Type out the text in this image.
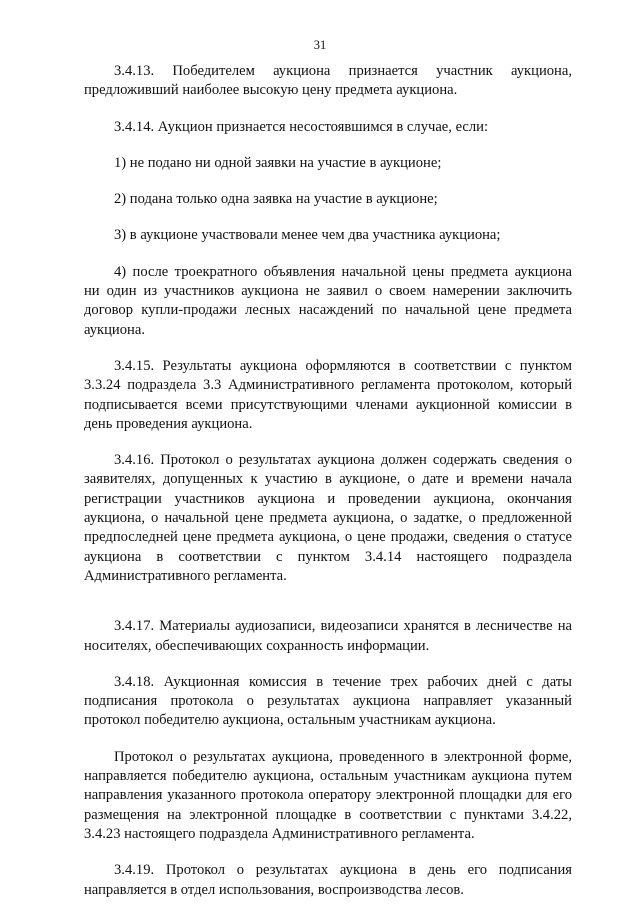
31

3.4.13. Победителем аукциона признается участник аукциона, предложивший наиболее высокую цену предмета аукциона.

3.4.14. Аукцион признается несостоявшимся в случае, если:

1) не подано ни одной заявки на участие в аукционе;

2) подана только одна заявка на участие в аукционе;

3) в аукционе участвовали менее чем два участника аукциона;

4) после троекратного объявления начальной цены предмета аукциона ни один из участников аукциона не заявил о своем намерении заключить договор купли-продажи лесных насаждений по начальной цене предмета аукциона.

3.4.15. Результаты аукциона оформляются в соответствии с пунктом 3.3.24 подраздела 3.3 Административного регламента протоколом, который подписывается всеми присутствующими членами аукционной комиссии в день проведения аукциона.

3.4.16. Протокол о результатах аукциона должен содержать сведения о заявителях, допущенных к участию в аукционе, о дате и времени начала регистрации участников аукциона и проведении аукциона, окончания аукциона, о начальной цене предмета аукциона, о задатке, о предложенной предпоследней цене предмета аукциона, о цене продажи, сведения о статусе аукциона в соответствии с пунктом 3.4.14 настоящего подраздела Административного регламента.

3.4.17. Материалы аудиозаписи, видеозаписи хранятся в лесничестве на носителях, обеспечивающих сохранность информации.

3.4.18. Аукционная комиссия в течение трех рабочих дней с даты подписания протокола о результатах аукциона направляет указанный протокол победителю аукциона, остальным участникам аукциона.

Протокол о результатах аукциона, проведенного в электронной форме, направляется победителю аукциона, остальным участникам аукциона путем направления указанного протокола оператору электронной площадки для его размещения на электронной площадке в соответствии с пунктами 3.4.22, 3.4.23 настоящего подраздела Административного регламента.

3.4.19. Протокол о результатах аукциона в день его подписания направляется в отдел использования, воспроизводства лесов.
